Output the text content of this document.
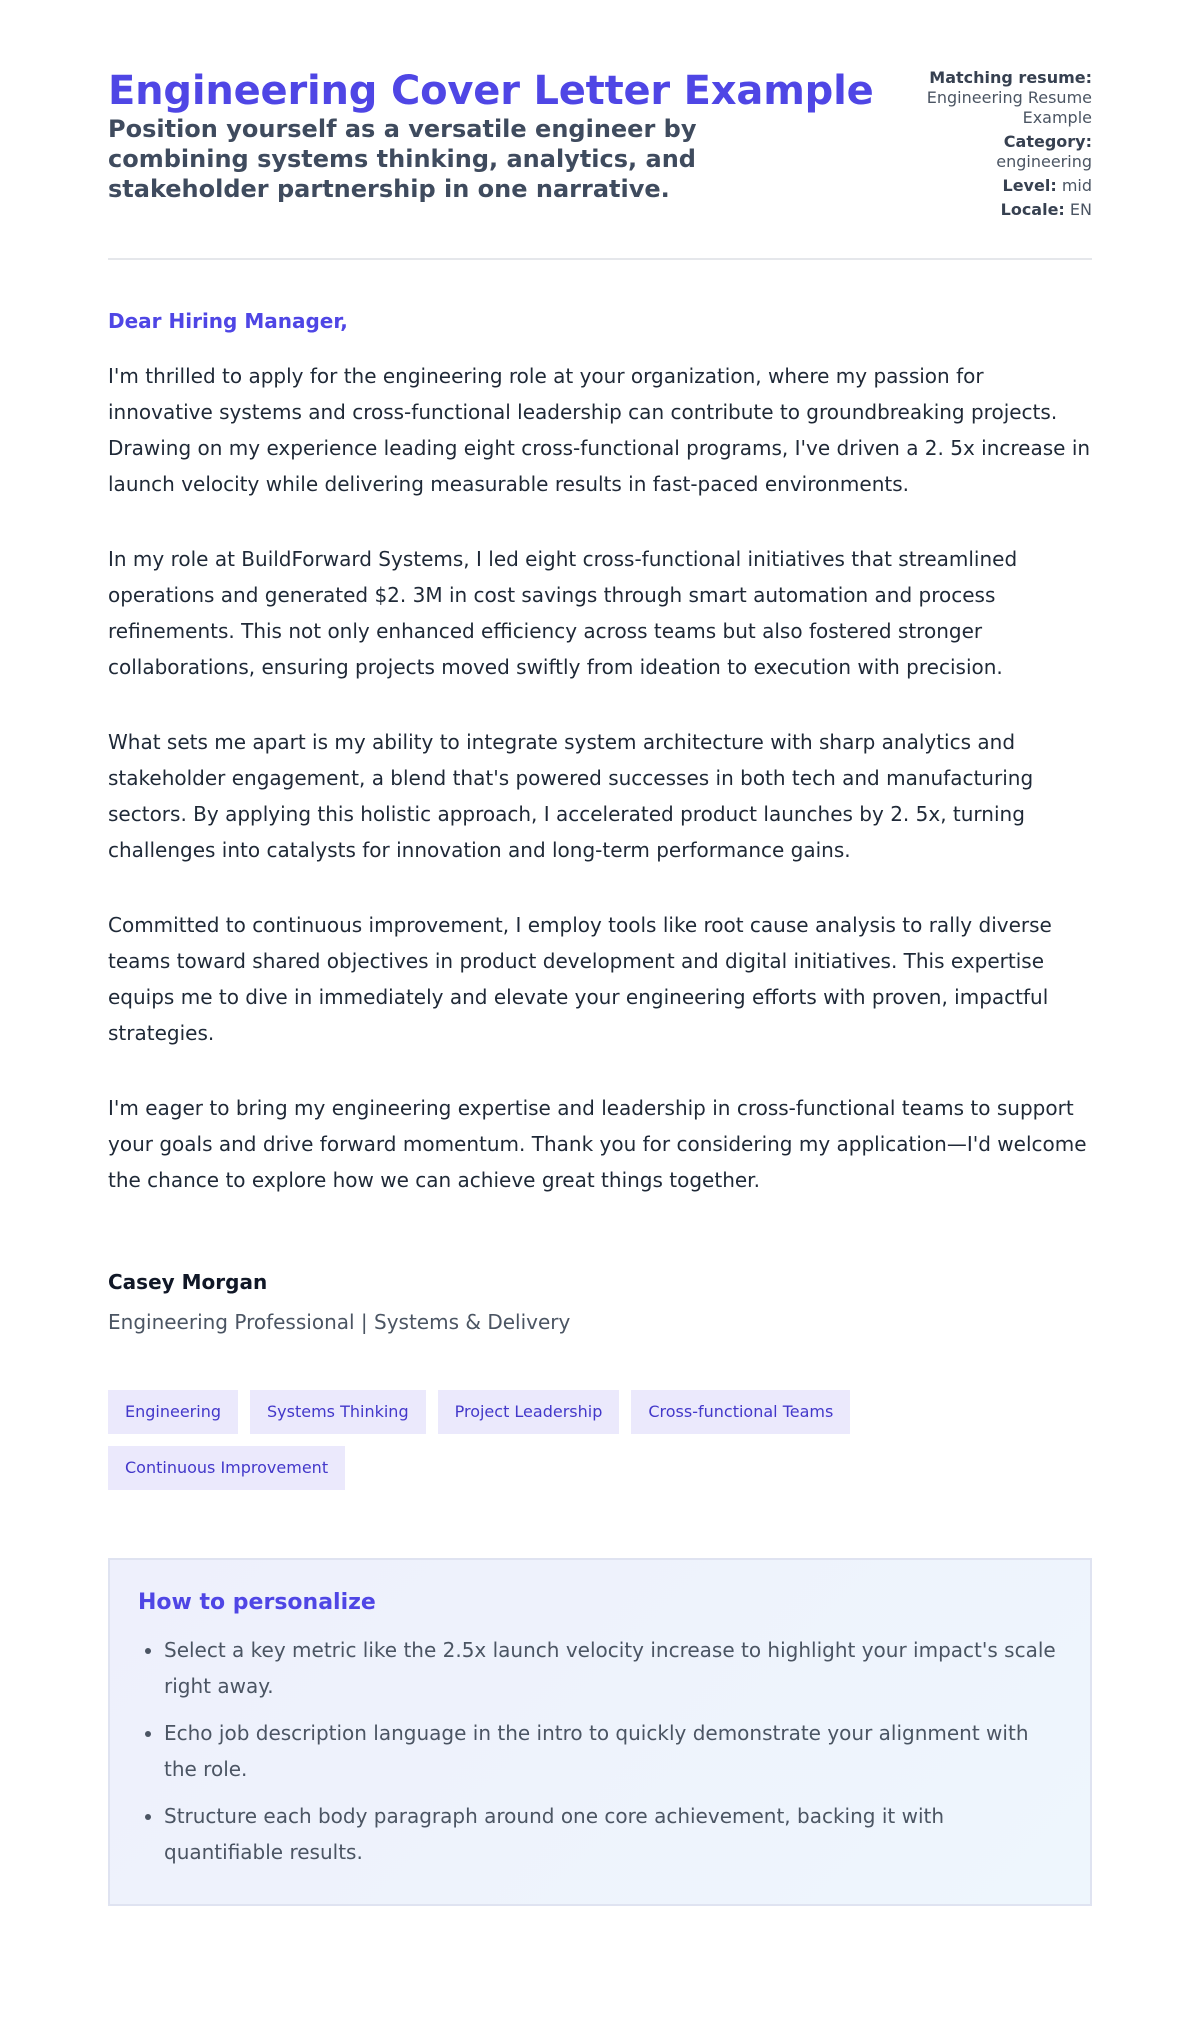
Engineering Cover Letter Example

Position yourself as a versatile engineer by combining systems thinking, analytics, and stakeholder partnership in one narrative.

Matching resume:
Engineering Resume Example
Category:
engineering
Level: mid
Locale: EN

Dear Hiring Manager,

I'm thrilled to apply for the engineering role at your organization, where my passion for innovative systems and cross-functional leadership can contribute to groundbreaking projects. Drawing on my experience leading eight cross-functional programs, I've driven a 2. 5x increase in launch velocity while delivering measurable results in fast-paced environments.

In my role at BuildForward Systems, I led eight cross-functional initiatives that streamlined operations and generated $2. 3M in cost savings through smart automation and process refinements. This not only enhanced efficiency across teams but also fostered stronger collaborations, ensuring projects moved swiftly from ideation to execution with precision.

What sets me apart is my ability to integrate system architecture with sharp analytics and stakeholder engagement, a blend that's powered successes in both tech and manufacturing sectors. By applying this holistic approach, I accelerated product launches by 2. 5x, turning challenges into catalysts for innovation and long-term performance gains.

Committed to continuous improvement, I employ tools like root cause analysis to rally diverse teams toward shared objectives in product development and digital initiatives. This expertise equips me to dive in immediately and elevate your engineering efforts with proven, impactful strategies.

I'm eager to bring my engineering expertise and leadership in cross-functional teams to support your goals and drive forward momentum. Thank you for considering my application—I'd welcome the chance to explore how we can achieve great things together.

Casey Morgan
Engineering Professional | Systems & Delivery
Engineering	Systems Thinking	Project Leadership	Cross-functional Teams
Continuous Improvement
How to personalize
• Select a key metric like the 2.5x launch velocity increase to highlight your impact's scale right away.
• Echo job description language in the intro to quickly demonstrate your alignment with the role.
• Structure each body paragraph around one core achievement, backing it with quantifiable results.
